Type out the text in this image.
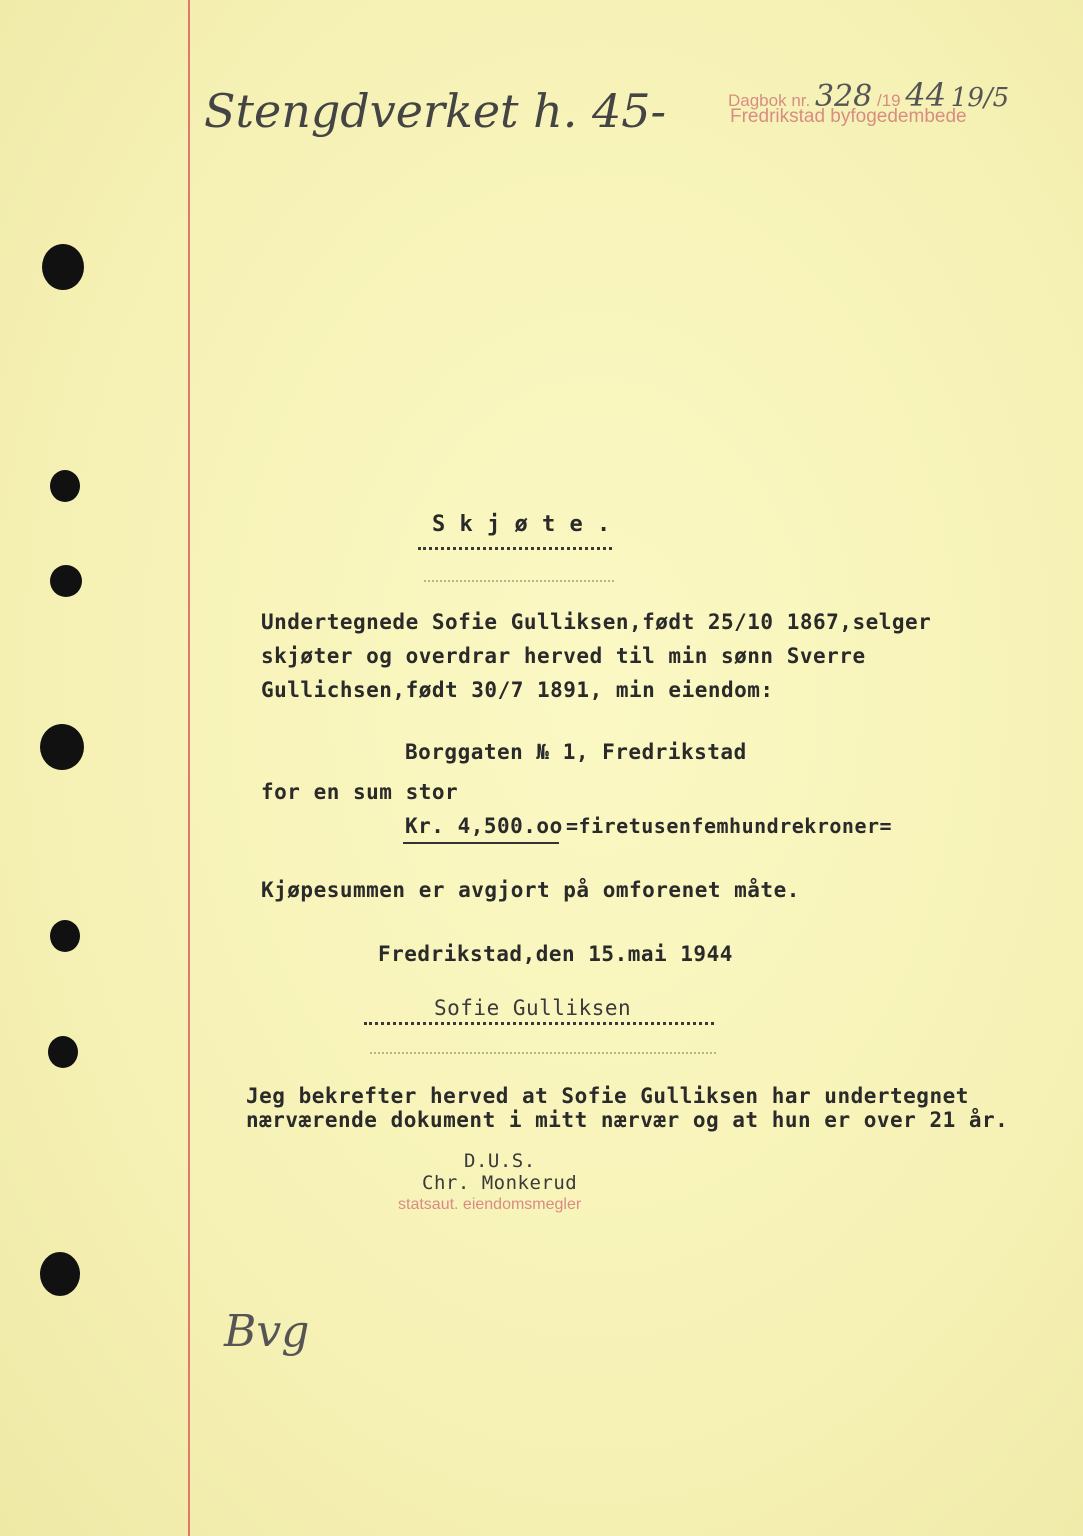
Stengdverket h. 45-	Dagbok nr. 328 /19 44 19/5
Fredrikstad byfogedembede
S k j ø t e .
Undertegnede Sofie Gulliksen,født 25/10 1867,selger
skjøter og overdrar herved til min sønn Sverre
Gullichsen,født 30/7 1891, min eiendom:
Borggaten № 1, Fredrikstad
for en sum stor
Kr. 4,500.oo =firetusenfemhundrekroner=
Kjøpesummen er avgjort på omforenet måte.
Fredrikstad,den 15.mai 1944
Sofie Gulliksen
Jeg bekrefter herved at Sofie Gulliksen har undertegnet
nærværende dokument i mitt nærvær og at hun er over 21 år.
D.U.S.
Chr. Monkerud
statsaut. eiendomsmegler
Bvg
